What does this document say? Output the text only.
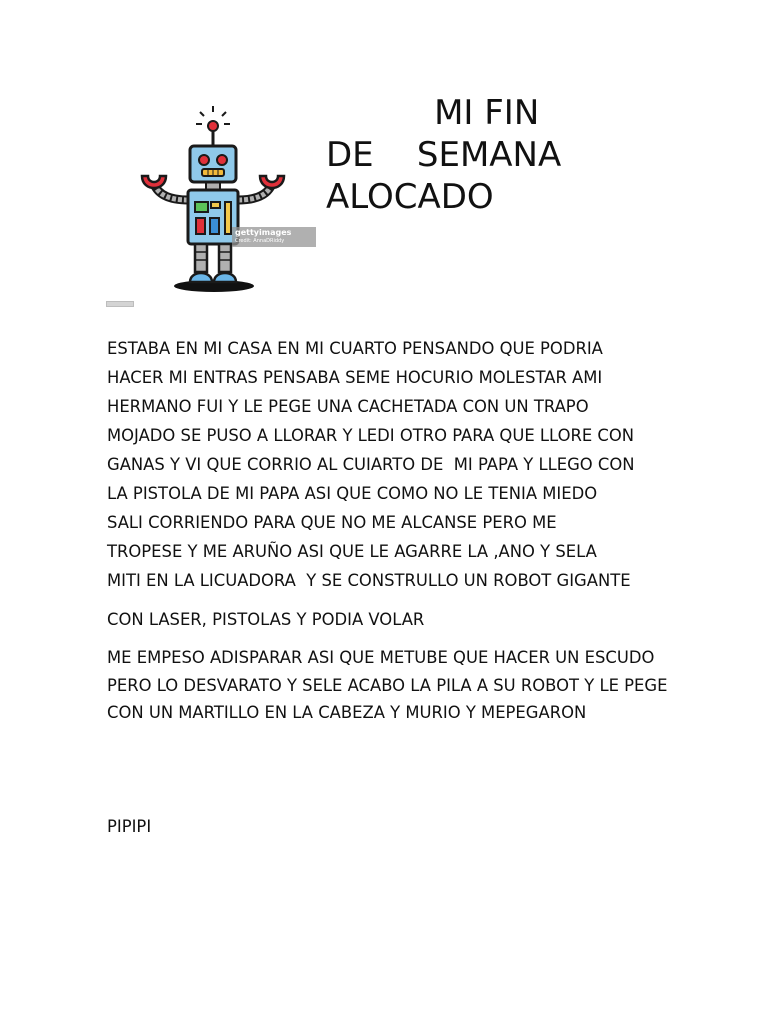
gettyimages
Credit: AnnaDRiddy
MI FIN
DE    SEMANA
ALOCADO

ESTABA EN MI CASA EN MI CUARTO PENSANDO QUE PODRIA
HACER MI ENTRAS PENSABA SEME HOCURIO MOLESTAR AMI
HERMANO FUI Y LE PEGE UNA CACHETADA CON UN TRAPO
MOJADO SE PUSO A LLORAR Y LEDI OTRO PARA QUE LLORE CON
GANAS Y VI QUE CORRIO AL CUIARTO DE  MI PAPA Y LLEGO CON
LA PISTOLA DE MI PAPA ASI QUE COMO NO LE TENIA MIEDO
SALI CORRIENDO PARA QUE NO ME ALCANSE PERO ME
TROPESE Y ME ARUÑO ASI QUE LE AGARRE LA ,ANO Y SELA
MITI EN LA LICUADORA  Y SE CONSTRULLO UN ROBOT GIGANTE

CON LASER, PISTOLAS Y PODIA VOLAR

ME EMPESO ADISPARAR ASI QUE METUBE QUE HACER UN ESCUDO
PERO LO DESVARATO Y SELE ACABO LA PILA A SU ROBOT Y LE PEGE
CON UN MARTILLO EN LA CABEZA Y MURIO Y MEPEGARON

PIPIPI
